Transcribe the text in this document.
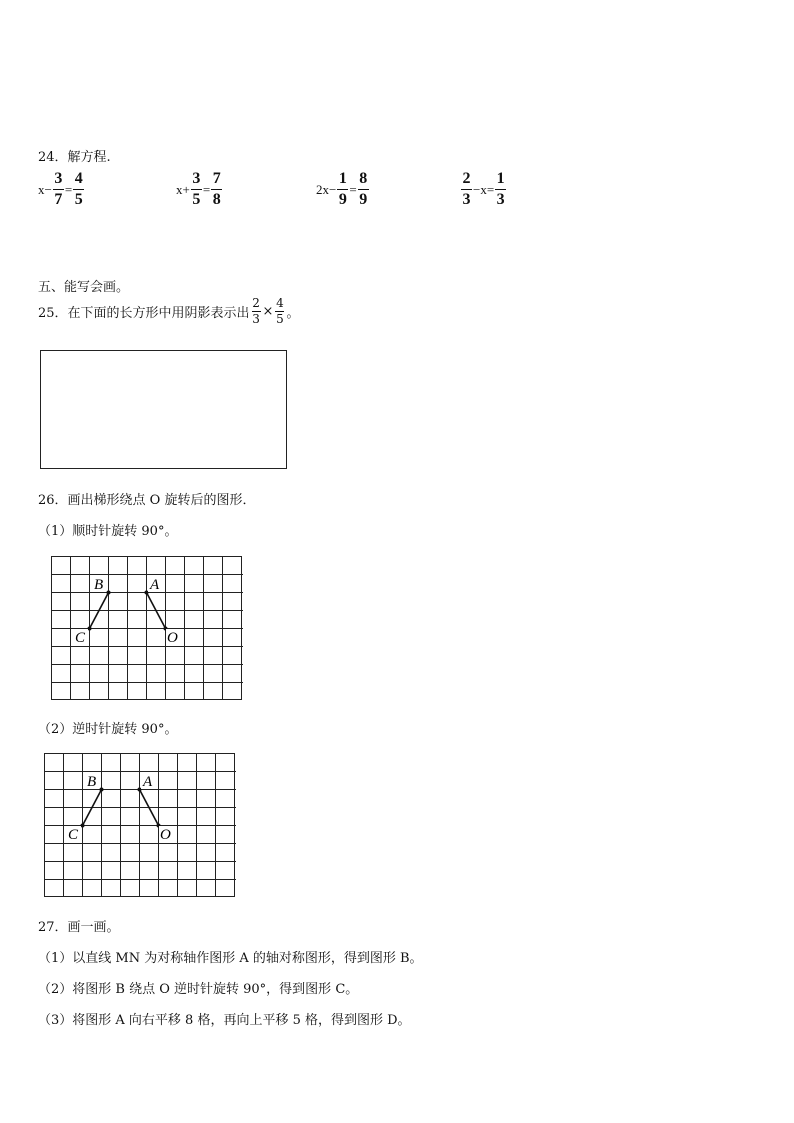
24．解方程.
$x- \frac{3}{7} = \frac{4}{5}$	$x+ \frac{3}{5} = \frac{7}{8}$	$2x- \frac{1}{9} = \frac{8}{9}$	$\frac{2}{3} -x= \frac{1}{3}$
五、能写会画。
25．在下面的长方形中用阴影表示出
2
3 ×
4
5 。
26．画出梯形绕点 O 旋转后的图形．
（1）顺时针旋转 90°。
B	A
C	O
（2）逆时针旋转 90°。
B	A
C	O
27．画一画。
（1）以直线 MN 为对称轴作图形 A 的轴对称图形，得到图形 B。
（2）将图形 B 绕点 O 逆时针旋转 90°，得到图形 C。
（3）将图形 A 向右平移 8 格，再向上平移 5 格，得到图形 D。
